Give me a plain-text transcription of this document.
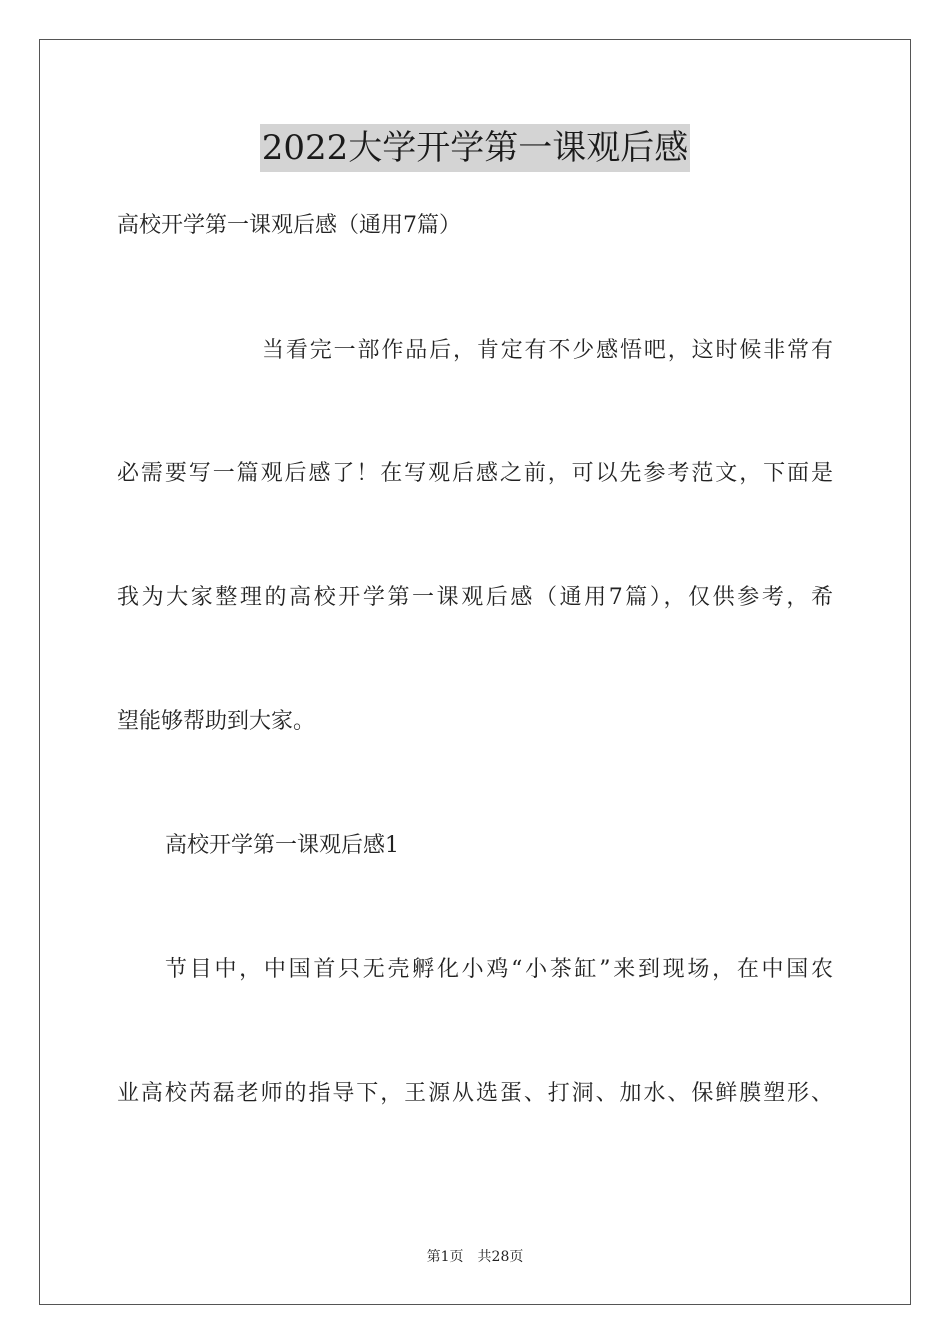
2022大学开学第一课观后感
高校开学第一课观后感（通用7篇）
当看完一部作品后，肯定有不少感悟吧，这时候非常有
必需要写一篇观后感了！在写观后感之前，可以先参考范文，下面是
我为大家整理的高校开学第一课观后感（通用7篇），仅供参考，希
望能够帮助到大家。
高校开学第一课观后感1
节目中，中国首只无壳孵化小鸡“小茶缸”来到现场，在中国农
业高校芮磊老师的指导下，王源从选蛋、打洞、加水、保鲜膜塑形、
第1页 共28页
